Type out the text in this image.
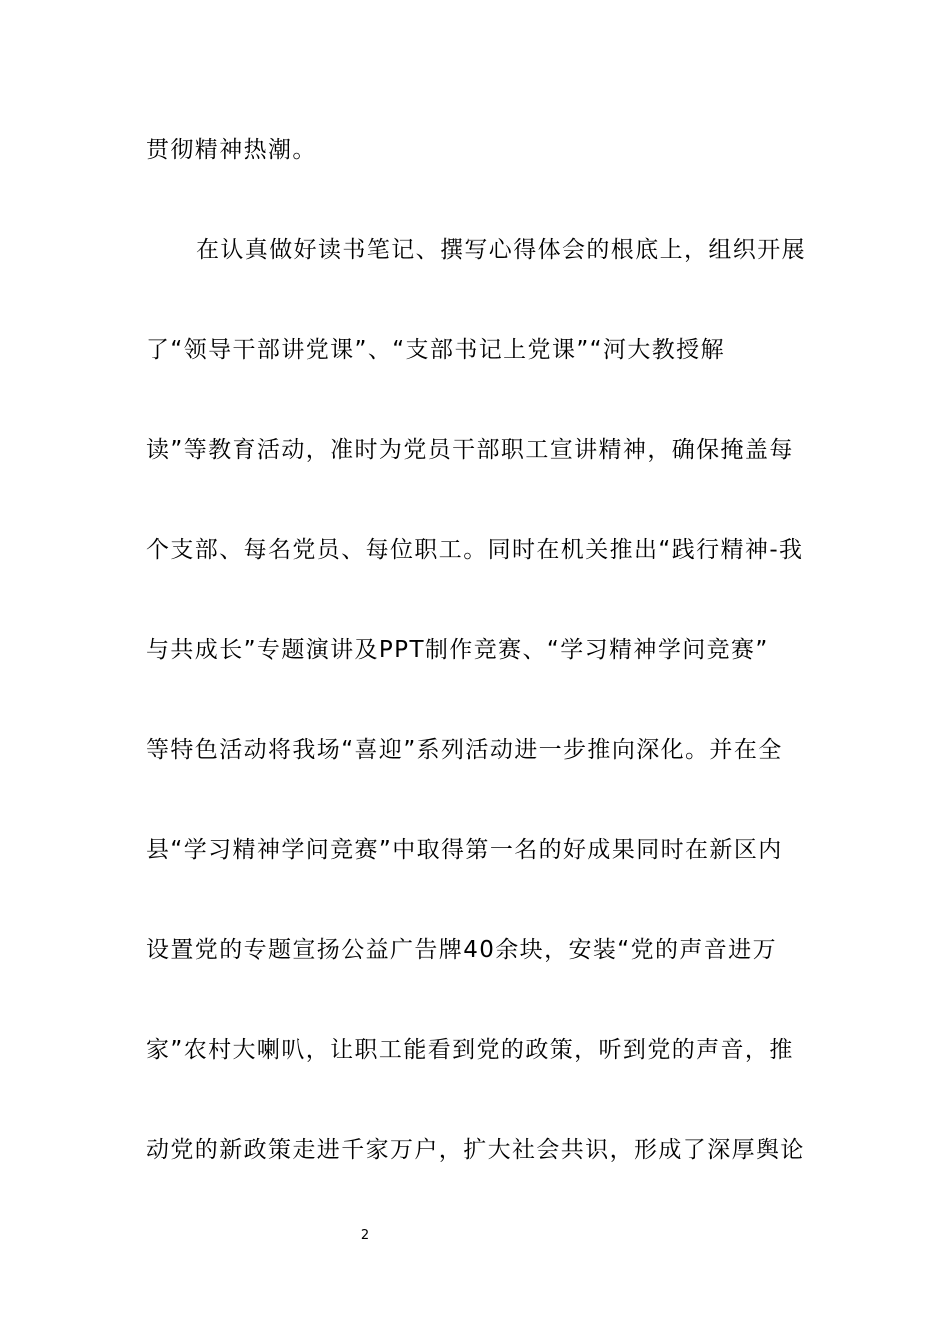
贯彻精神热潮。
在认真做好读书笔记、撰写心得体会的根底上，组织开展
了“领导干部讲党课”、“支部书记上党课”“河大教授解
读”等教育活动，准时为党员干部职工宣讲精神，确保掩盖每
个支部、每名党员、每位职工。同时在机关推出“践行精神-我
与共成长”专题演讲及PPT制作竞赛、“学习精神学问竞赛”
等特色活动将我场“喜迎”系列活动进一步推向深化。并在全
县“学习精神学问竞赛”中取得第一名的好成果同时在新区内
设置党的专题宣扬公益广告牌40余块，安装“党的声音进万
家”农村大喇叭，让职工能看到党的政策，听到党的声音，推
动党的新政策走进千家万户，扩大社会共识，形成了深厚舆论
2
